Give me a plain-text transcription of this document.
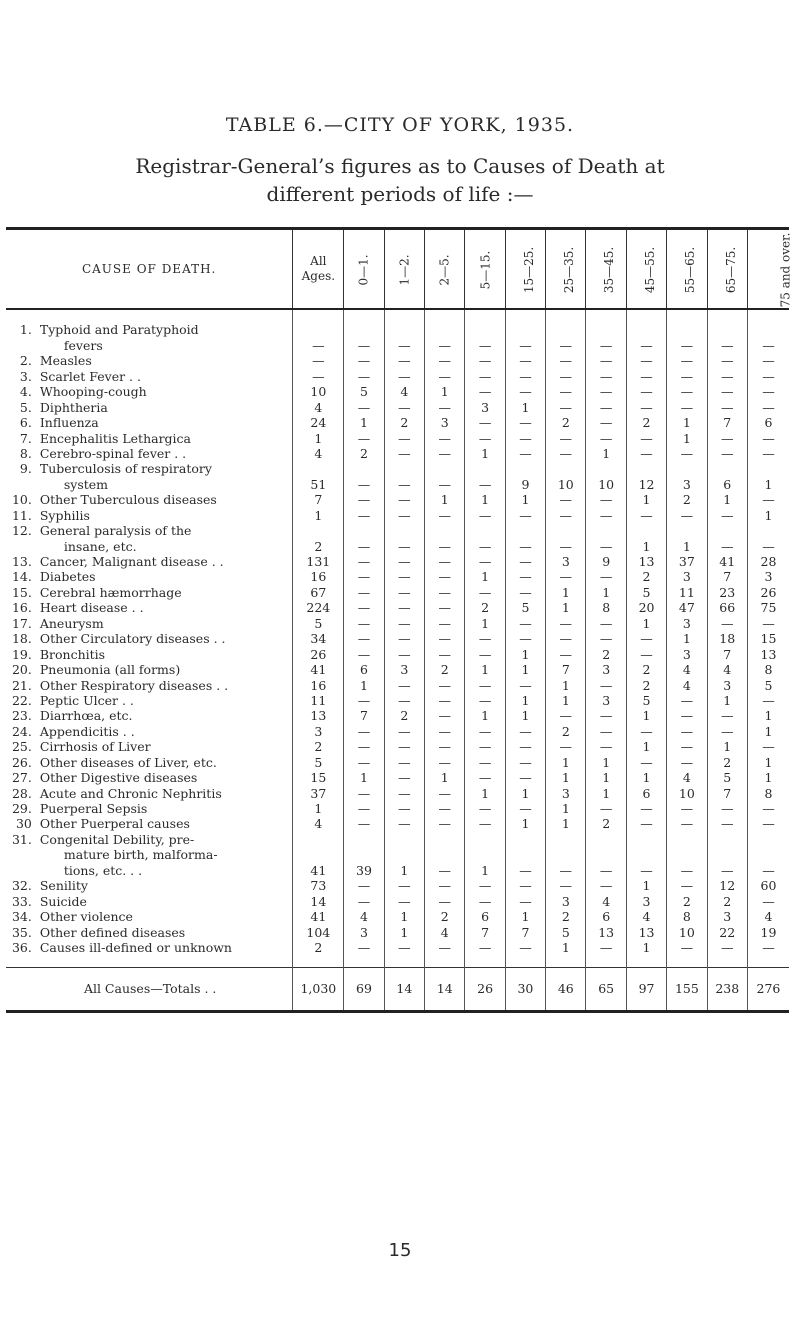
TABLE 6.—CITY OF YORK, 1935.
Registrar-General’s figures as to Causes of Death at different periods of life :—
CAUSE OF DEATH.		All Ages.	0—1.	1—2.	2—5.	5—15.	15—25.	25—35.	35—45.	45—55.	55—65.	65—75.	75 and over.
1.	Typhoid and Paratyphoid												
	fevers	—	—	—	—	—	—	—	—	—	—	—	—
2.	Measles	—	—	—	—	—	—	—	—	—	—	—	—
3.	Scarlet Fever . .	—	—	—	—	—	—	—	—	—	—	—	—
4.	Whooping-cough	10	5	4	1	—	—	—	—	—	—	—	—
5.	Diphtheria	4	—	—	—	3	1	—	—	—	—	—	—
6.	Influenza	24	1	2	3	—	—	2	—	2	1	7	6
7.	Encephalitis Lethargica	1	—	—	—	—	—	—	—	—	1	—	—
8.	Cerebro-spinal fever . .	4	2	—	—	1	—	—	1	—	—	—	—
9.	Tuberculosis of respiratory												
	system	51	—	—	—	—	9	10	10	12	3	6	1
10.	Other Tuberculous diseases	7	—	—	1	1	1	—	—	1	2	1	—
11.	Syphilis	1	—	—	—	—	—	—	—	—	—	—	1
12.	General paralysis of the												
	insane, etc.	2	—	—	—	—	—	—	—	1	1	—	—
13.	Cancer, Malignant disease . .	131	—	—	—	—	—	3	9	13	37	41	28
14.	Diabetes	16	—	—	—	1	—	—	—	2	3	7	3
15.	Cerebral hæmorrhage	67	—	—	—	—	—	1	1	5	11	23	26
16.	Heart disease . .	224	—	—	—	2	5	1	8	20	47	66	75
17.	Aneurysm	5	—	—	—	1	—	—	—	1	3	—	—
18.	Other Circulatory diseases . .	34	—	—	—	—	—	—	—	—	1	18	15
19.	Bronchitis	26	—	—	—	—	1	—	2	—	3	7	13
20.	Pneumonia (all forms)	41	6	3	2	1	1	7	3	2	4	4	8
21.	Other Respiratory diseases . .	16	1	—	—	—	—	1	—	2	4	3	5
22.	Peptic Ulcer . .	11	—	—	—	—	1	1	3	5	—	1	—
23.	Diarrhœa, etc.	13	7	2	—	1	1	—	—	1	—	—	1
24.	Appendicitis . .	3	—	—	—	—	—	2	—	—	—	—	1
25.	Cirrhosis of Liver	2	—	—	—	—	—	—	—	1	—	1	—
26.	Other diseases of Liver, etc.	5	—	—	—	—	—	1	1	—	—	2	1
27.	Other Digestive diseases	15	1	—	1	—	—	1	1	1	4	5	1
28.	Acute and Chronic Nephritis	37	—	—	—	1	1	3	1	6	10	7	8
29.	Puerperal Sepsis	1	—	—	—	—	—	1	—	—	—	—	—
30	Other Puerperal causes	4	—	—	—	—	1	1	2	—	—	—	—
31.	Congenital Debility, pre-												
	mature birth, malforma-												
	tions, etc. . .	41	39	1	—	1	—	—	—	—	—	—	—
32.	Senility	73	—	—	—	—	—	—	—	1	—	12	60
33.	Suicide	14	—	—	—	—	—	3	4	3	2	2	—
34.	Other violence	41	4	1	2	6	1	2	6	4	8	3	4
35.	Other defined diseases	104	3	1	4	7	7	5	13	13	10	22	19
36.	Causes ill-defined or unknown	2	—	—	—	—	—	1	—	1	—	—	—

All Causes—Totals . .		1,030	69	14	14	26	30	46	65	97	155	238	276
15
